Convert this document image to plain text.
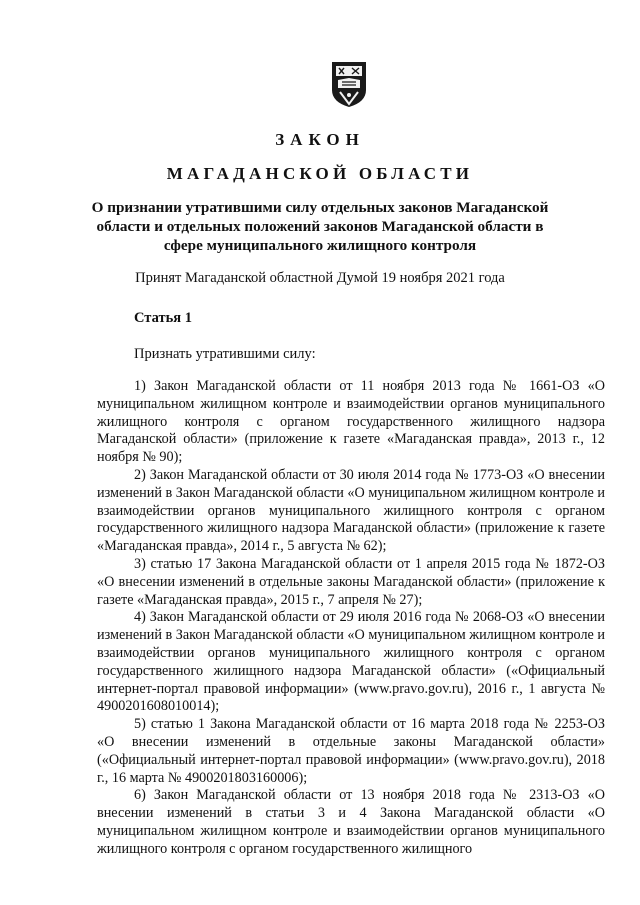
ЗАКОН
МАГАДАНСКОЙ ОБЛАСТИ
О признании утратившими силу отдельных законов Магаданской области и отдельных положений законов Магаданской области в сфере муниципального жилищного контроля
Принят Магаданской областной Думой 19 ноября 2021 года
Статья 1
Признать утратившими силу:

1) Закон Магаданской области от 11 ноября 2013 года № 1661-ОЗ «О муниципальном жилищном контроле и взаимодействии органов муниципального жилищного контроля с органом государственного жилищного надзора Магаданской области» (приложение к газете «Магаданская правда», 2013 г., 12 ноября № 90);

2) Закон Магаданской области от 30 июля 2014 года № 1773-ОЗ «О внесении изменений в Закон Магаданской области «О муниципальном жилищном контроле и взаимодействии органов муниципального жилищного контроля с органом государственного жилищного надзора Магаданской области» (приложение к газете «Магаданская правда», 2014 г., 5 августа № 62);

3) статью 17 Закона Магаданской области от 1 апреля 2015 года № 1872-ОЗ «О внесении изменений в отдельные законы Магаданской области» (приложение к газете «Магаданская правда», 2015 г., 7 апреля № 27);

4) Закон Магаданской области от 29 июля 2016 года № 2068-ОЗ «О внесении изменений в Закон Магаданской области «О муниципальном жилищном контроле и взаимодействии органов муниципального жилищного контроля с органом государственного жилищного надзора Магаданской области» («Официальный интернет-портал правовой информации» (www.pravo.gov.ru), 2016 г., 1 августа № 4900201608010014);

5) статью 1 Закона Магаданской области от 16 марта 2018 года № 2253-ОЗ «О внесении изменений в отдельные законы Магаданской области» («Официальный интернет-портал правовой информации» (www.pravo.gov.ru), 2018 г., 16 марта № 4900201803160006);

6) Закон Магаданской области от 13 ноября 2018 года № 2313-ОЗ «О внесении изменений в статьи 3 и 4 Закона Магаданской области «О муниципальном жилищном контроле и взаимодействии органов муниципального жилищного контроля с органом государственного жилищного
